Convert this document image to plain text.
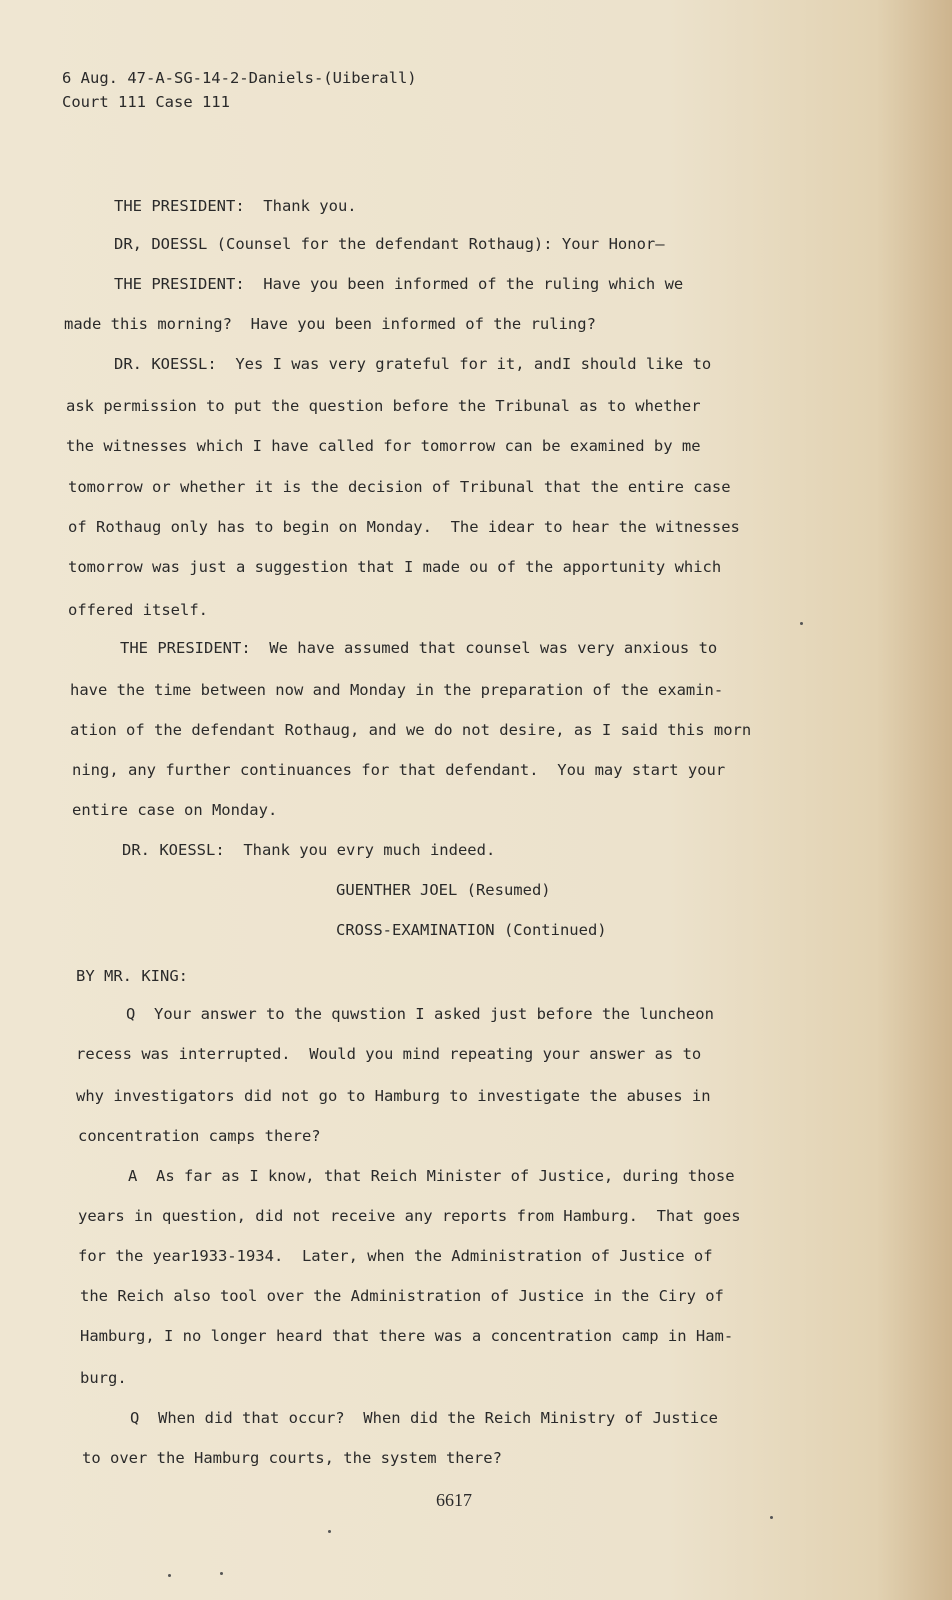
6 Aug. 47-A-SG-14-2-Daniels-(Uiberall)
Court 111 Case 111
THE PRESIDENT:  Thank you.
DR, DOESSL (Counsel for the defendant Rothaug): Your Honor—
THE PRESIDENT:  Have you been informed of the ruling which we
made this morning?  Have you been informed of the ruling?
DR. KOESSL:  Yes I was very grateful for it, andI should like to
ask permission to put the question before the Tribunal as to whether
the witnesses which I have called for tomorrow can be examined by me
tomorrow or whether it is the decision of Tribunal that the entire case
of Rothaug only has to begin on Monday.  The idear to hear the witnesses
tomorrow was just a suggestion that I made ou of the apportunity which
offered itself.
THE PRESIDENT:  We have assumed that counsel was very anxious to
have the time between now and Monday in the preparation of the examin-
ation of the defendant Rothaug, and we do not desire, as I said this morn
ning, any further continuances for that defendant.  You may start your
entire case on Monday.
DR. KOESSL:  Thank you evry much indeed.
GUENTHER JOEL (Resumed)
CROSS-EXAMINATION (Continued)
BY MR. KING:
Q  Your answer to the quwstion I asked just before the luncheon
recess was interrupted.  Would you mind repeating your answer as to
why investigators did not go to Hamburg to investigate the abuses in
concentration camps there?
A  As far as I know, that Reich Minister of Justice, during those
years in question, did not receive any reports from Hamburg.  That goes
for the year1933-1934.  Later, when the Administration of Justice of
the Reich also tool over the Administration of Justice in the Ciry of
Hamburg, I no longer heard that there was a concentration camp in Ham-
burg.
Q  When did that occur?  When did the Reich Ministry of Justice
to over the Hamburg courts, the system there?
6617
